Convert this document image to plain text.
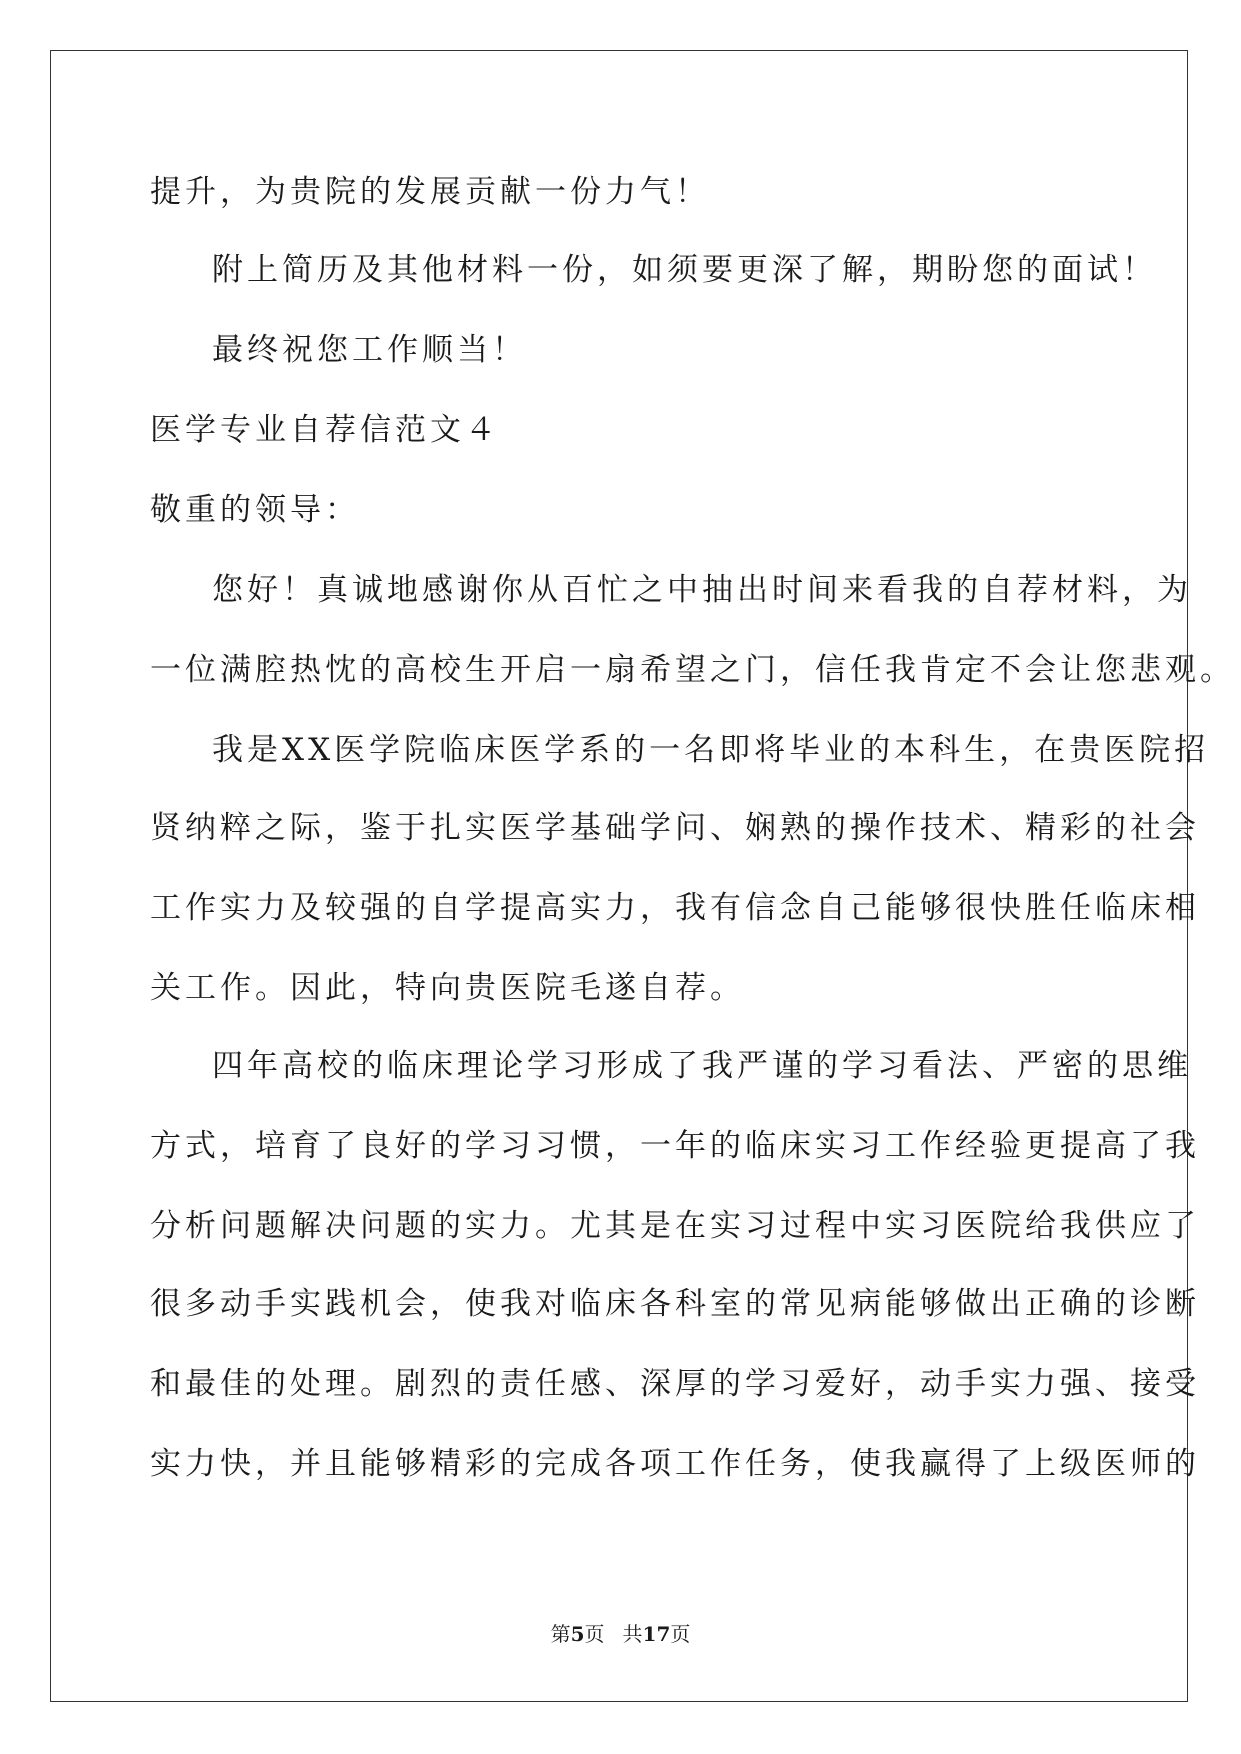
提升，为贵院的发展贡献一份力气！
附上简历及其他材料一份，如须要更深了解，期盼您的面试！
最终祝您工作顺当！
医学专业自荐信范文４
敬重的领导：
您好！真诚地感谢你从百忙之中抽出时间来看我的自荐材料，为
一位满腔热忱的高校生开启一扇希望之门，信任我肯定不会让您悲观。
我是XX医学院临床医学系的一名即将毕业的本科生，在贵医院招
贤纳粹之际，鉴于扎实医学基础学问、娴熟的操作技术、精彩的社会
工作实力及较强的自学提高实力，我有信念自己能够很快胜任临床相
关工作。因此，特向贵医院毛遂自荐。
四年高校的临床理论学习形成了我严谨的学习看法、严密的思维
方式，培育了良好的学习习惯，一年的临床实习工作经验更提高了我
分析问题解决问题的实力。尤其是在实习过程中实习医院给我供应了
很多动手实践机会，使我对临床各科室的常见病能够做出正确的诊断
和最佳的处理。剧烈的责任感、深厚的学习爱好，动手实力强、接受
实力快，并且能够精彩的完成各项工作任务，使我赢得了上级医师的
第5页 共17页
